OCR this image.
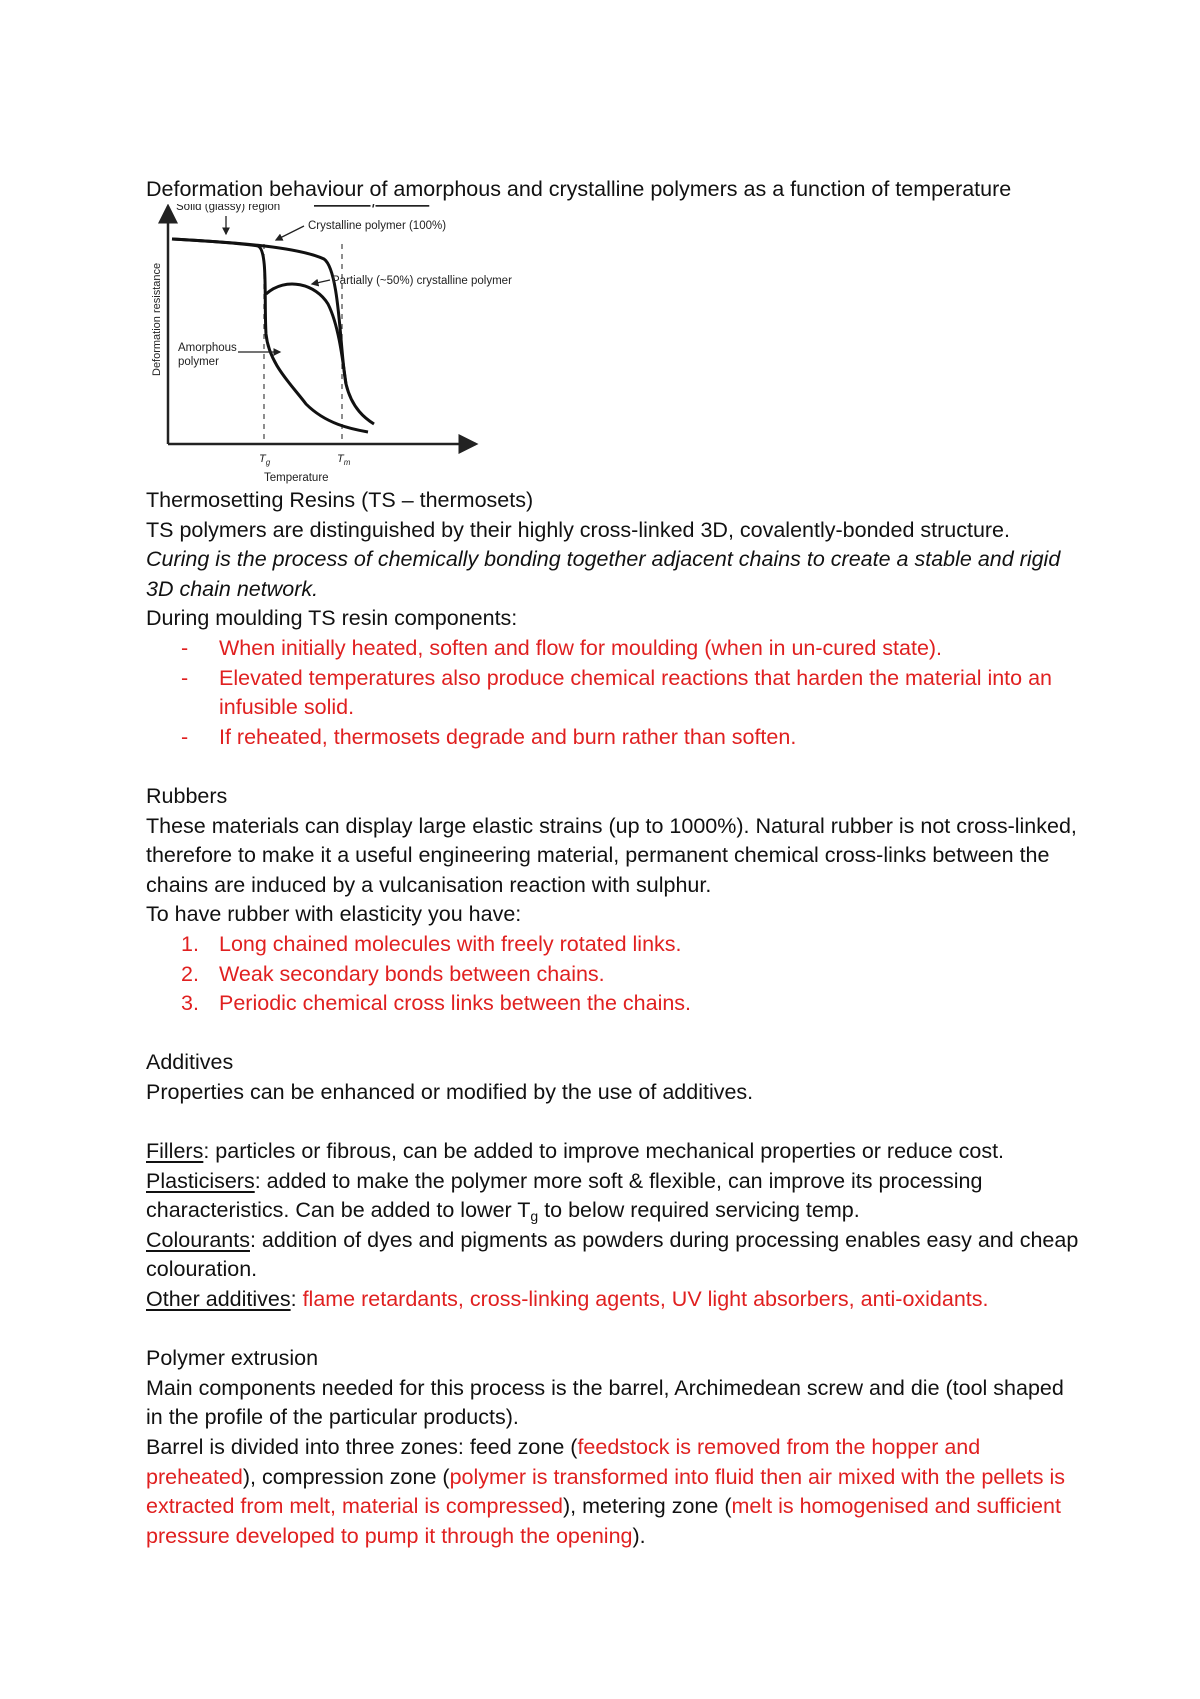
Deformation behaviour of amorphous and crystalline polymers as a function of temperature

Solid (glassy) region
Crystalline polymer (100%)
Partially (~50%) crystalline polymer
Amorphous
polymer
Deformation resistance
$T_g$	$T_m$
Temperature

Thermosetting Resins (TS – thermosets)

TS polymers are distinguished by their highly cross-linked 3D, covalently-bonded structure.

Curing is the process of chemically bonding together adjacent chains to create a stable and rigid 3D chain network.

During moulding TS resin components:

- When initially heated, soften and flow for moulding (when in un-cured state).
- Elevated temperatures also produce chemical reactions that harden the material into an infusible solid.
- If reheated, thermosets degrade and burn rather than soften.

Rubbers

These materials can display large elastic strains (up to 1000%). Natural rubber is not cross-linked, therefore to make it a useful engineering material, permanent chemical cross-links between the chains are induced by a vulcanisation reaction with sulphur.

To have rubber with elasticity you have:

1. Long chained molecules with freely rotated links.
2. Weak secondary bonds between chains.
3. Periodic chemical cross links between the chains.

Additives

Properties can be enhanced or modified by the use of additives.

Fillers: particles or fibrous, can be added to improve mechanical properties or reduce cost.

Plasticisers: added to make the polymer more soft & flexible, can improve its processing characteristics. Can be added to lower $T_g$ to below required servicing temp.

Colourants: addition of dyes and pigments as powders during processing enables easy and cheap colouration.

Other additives: flame retardants, cross-linking agents, UV light absorbers, anti-oxidants.

Polymer extrusion

Main components needed for this process is the barrel, Archimedean screw and die (tool shaped in the profile of the particular products).

Barrel is divided into three zones: feed zone (feedstock is removed from the hopper and preheated), compression zone (polymer is transformed into fluid then air mixed with the pellets is extracted from melt, material is compressed), metering zone (melt is homogenised and sufficient pressure developed to pump it through the opening).
